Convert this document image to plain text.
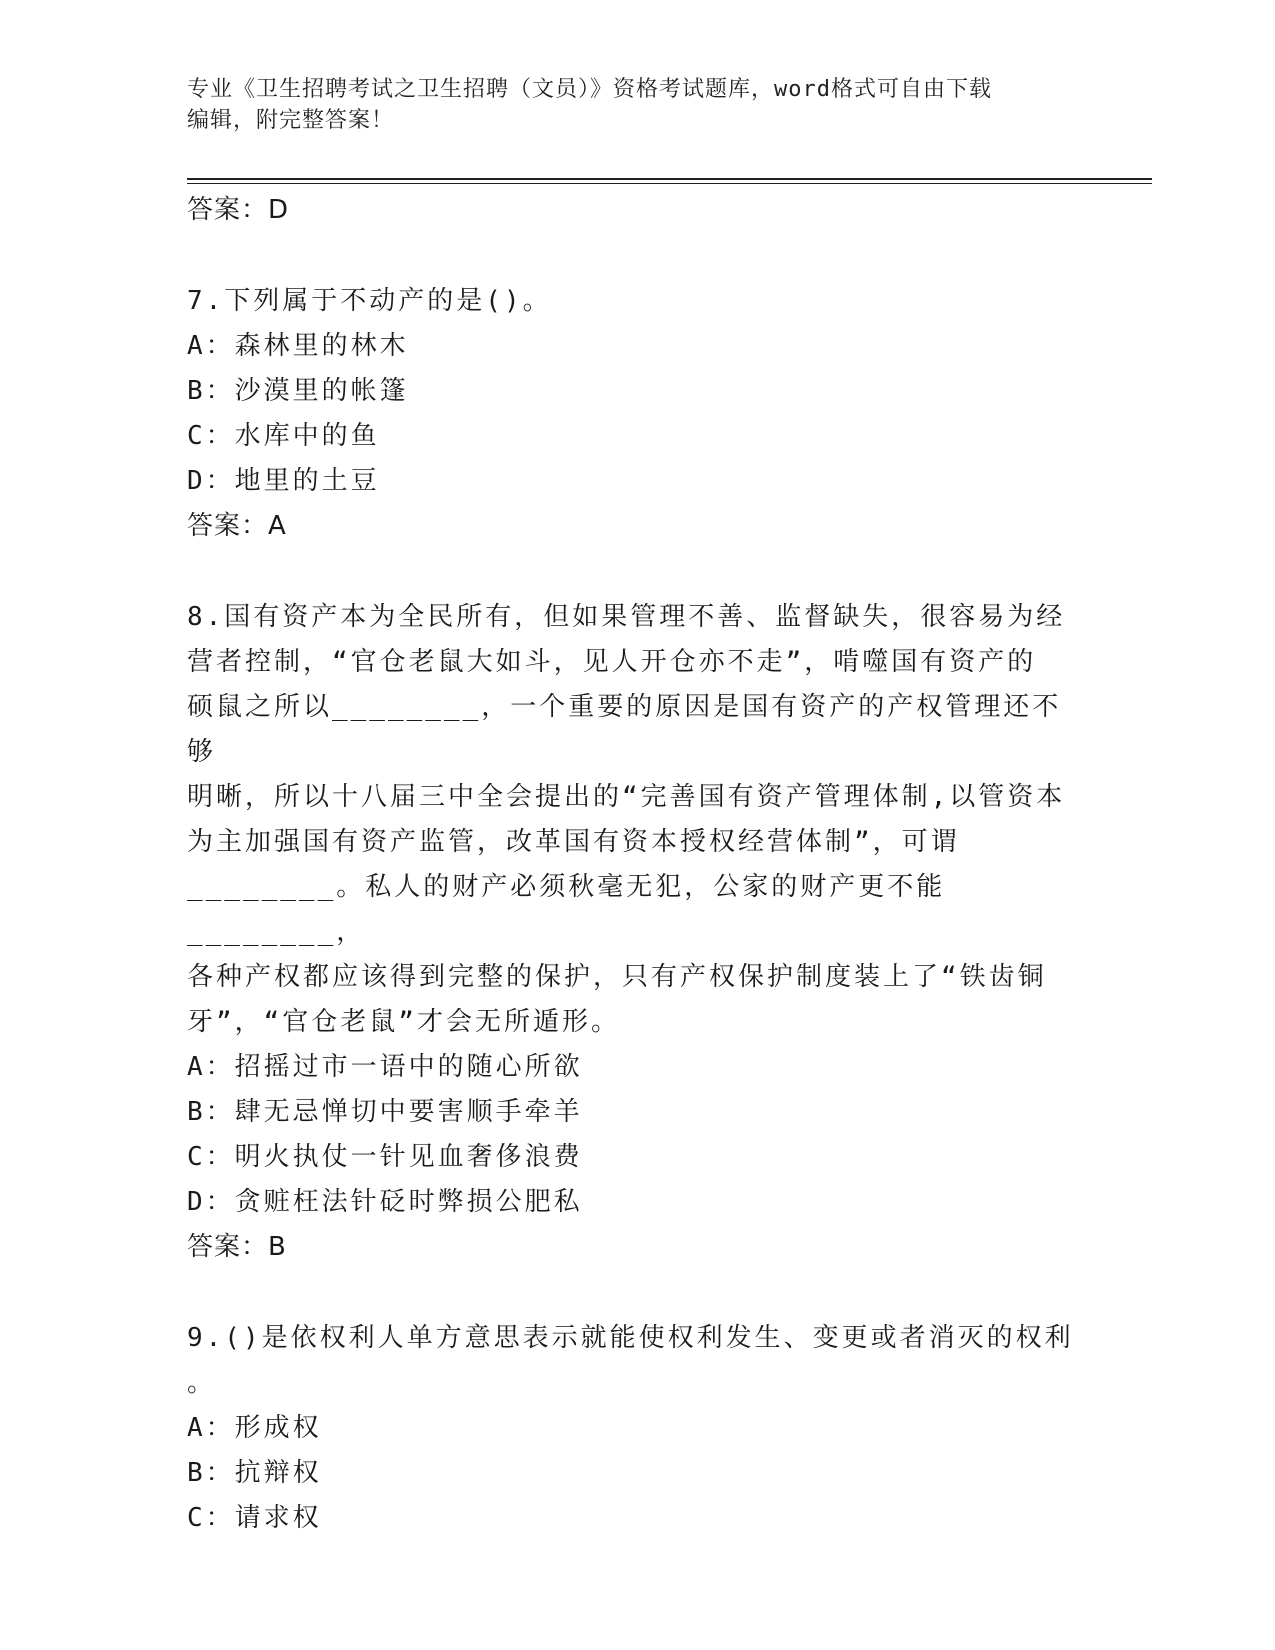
专业《卫生招聘考试之卫生招聘（文员）》资格考试题库，word格式可自由下载
编辑，附完整答案！

答案：D

7.下列属于不动产的是()。

A：森林里的林木

B：沙漠里的帐篷

C：水库中的鱼

D：地里的土豆

答案：A

8.国有资产本为全民所有，但如果管理不善、监督缺失，很容易为经

营者控制，“官仓老鼠大如斗，见人开仓亦不走”，啃噬国有资产的

硕鼠之所以________，一个重要的原因是国有资产的产权管理还不够

明晰，所以十八届三中全会提出的“完善国有资产管理体制,以管资本

为主加强国有资产监管，改革国有资本授权经营体制”，可谓

________。私人的财产必须秋毫无犯，公家的财产更不能________，

各种产权都应该得到完整的保护，只有产权保护制度装上了“铁齿铜

牙”，“官仓老鼠”才会无所遁形。

A：招摇过市一语中的随心所欲

B：肆无忌惮切中要害顺手牵羊

C：明火执仗一针见血奢侈浪费

D：贪赃枉法针砭时弊损公肥私

答案：B

9.()是依权利人单方意思表示就能使权利发生、变更或者消灭的权利

。

A：形成权

B：抗辩权

C：请求权
